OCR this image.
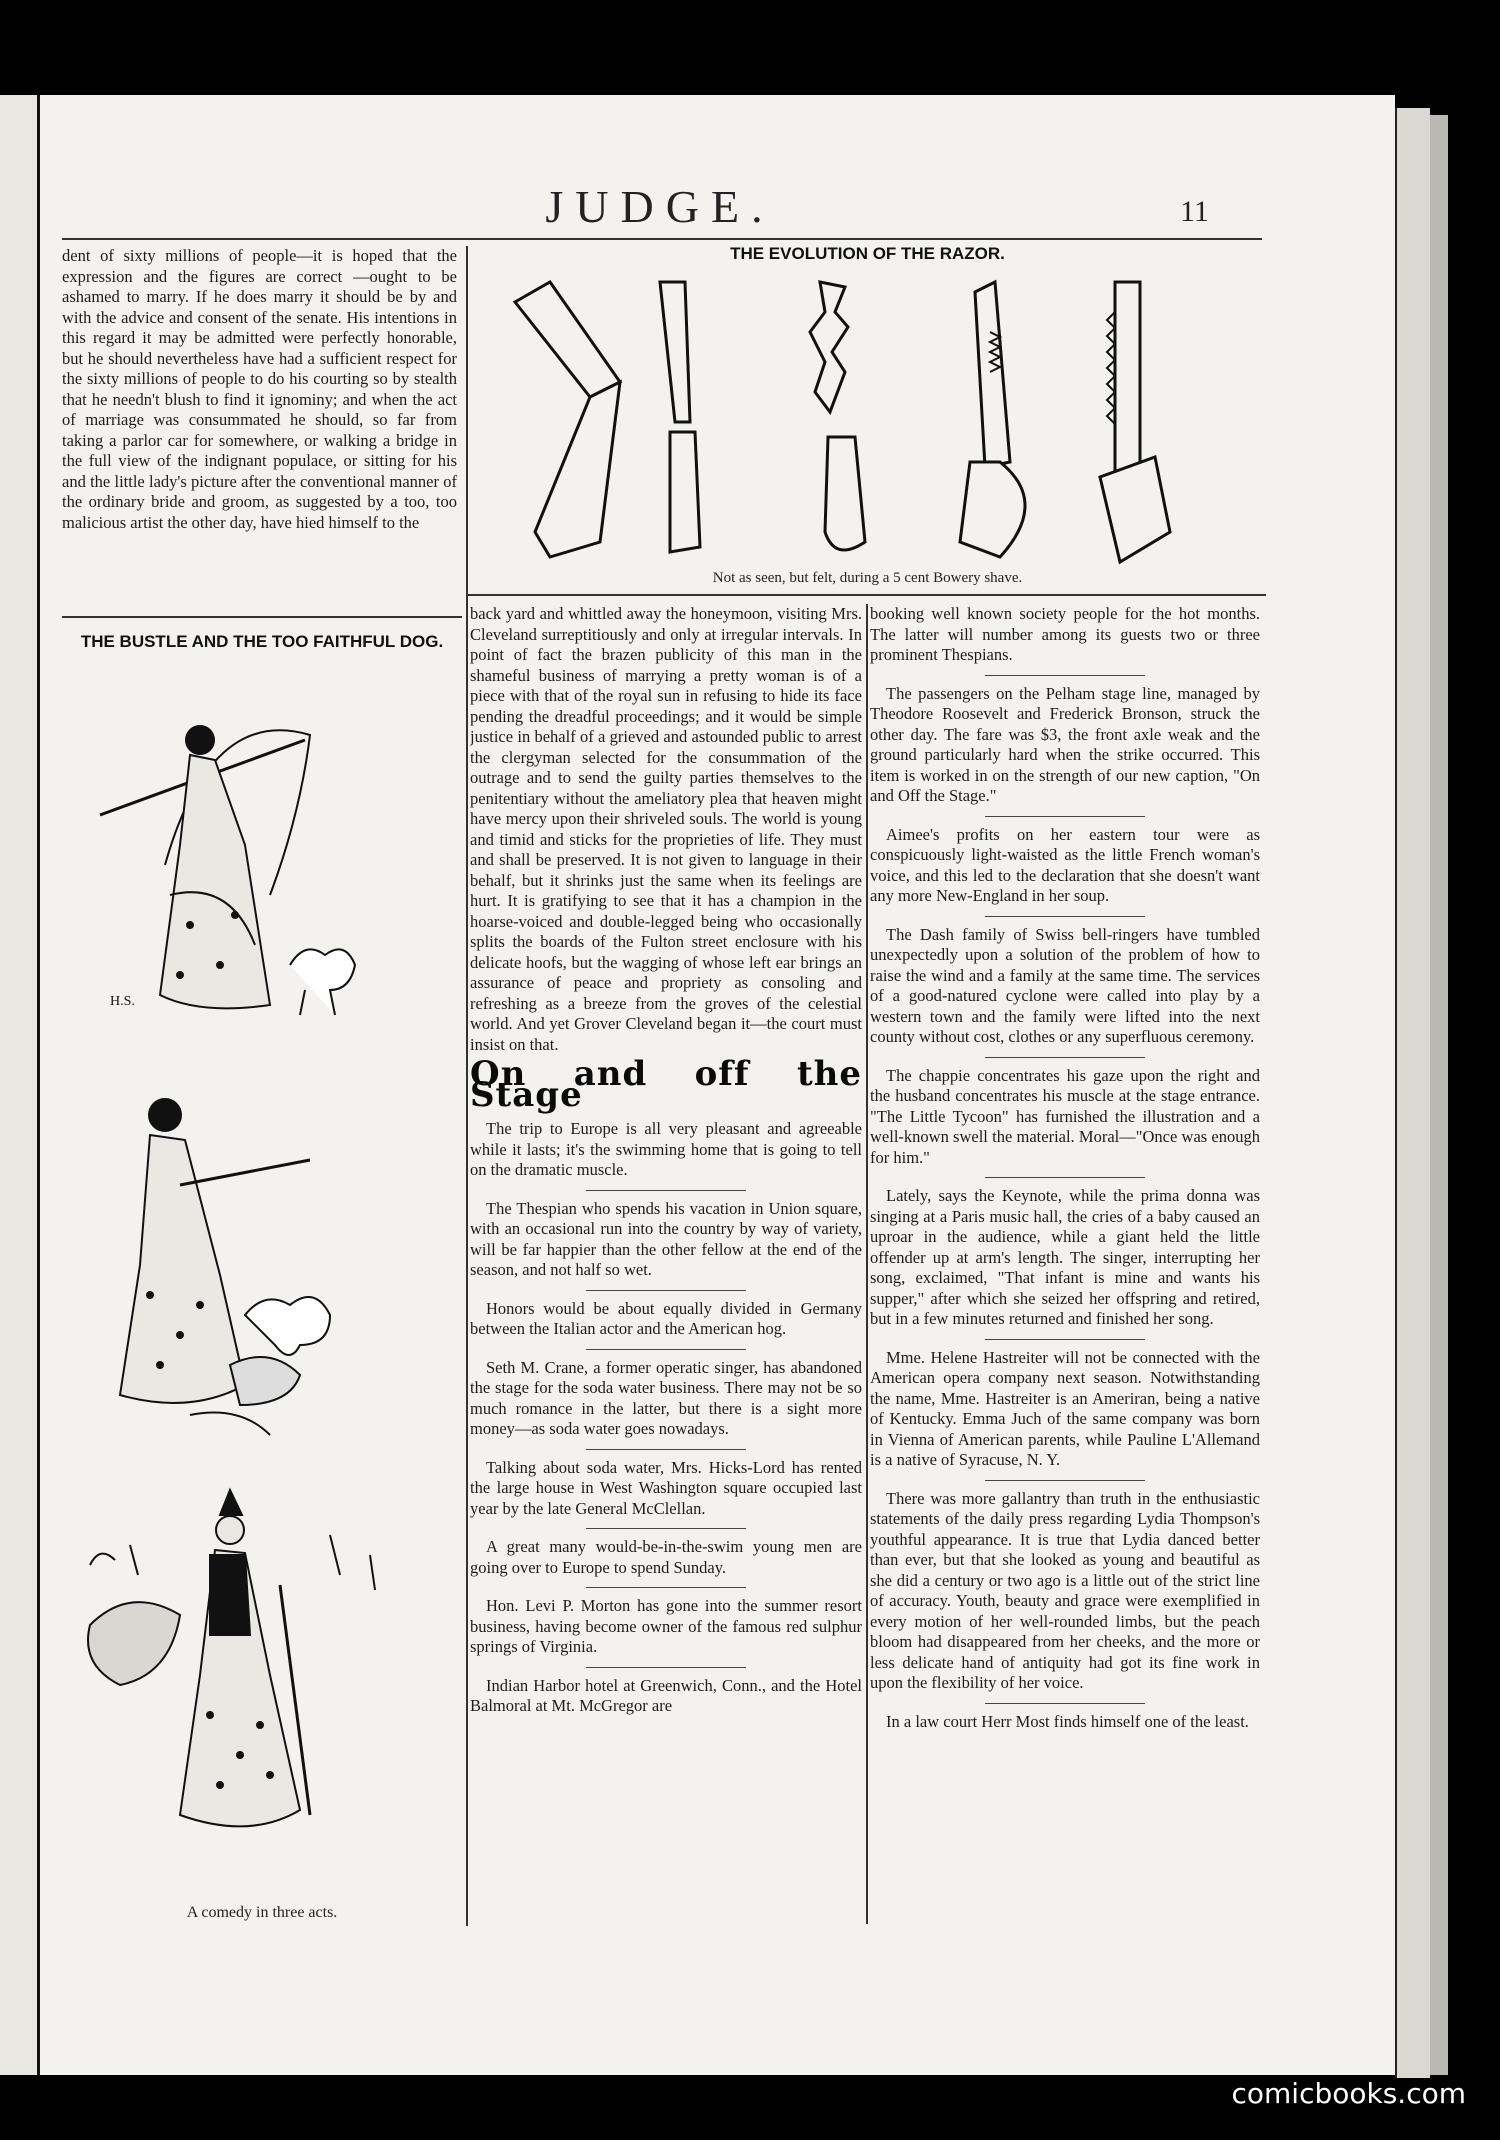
JUDGE.	11

dent of sixty millions of people—it is hoped that the expression and the figures are correct —ought to be ashamed to marry. If he does marry it should be by and with the advice and consent of the senate. His intentions in this regard it may be admitted were perfectly honorable, but he should nevertheless have had a sufficient respect for the sixty millions of people to do his courting so by stealth that he needn't blush to find it ignominy; and when the act of marriage was consummated he should, so far from taking a parlor car for somewhere, or walking a bridge in the full view of the indignant populace, or sitting for his and the little lady's picture after the conventional manner of the ordinary bride and groom, as suggested by a too, too malicious artist the other day, have hied himself to the

THE BUSTLE AND THE TOO FAITHFUL DOG.
H.S.
A comedy in three acts.
THE EVOLUTION OF THE RAZOR.
Not as seen, but felt, during a 5 cent Bowery shave.

back yard and whittled away the honeymoon, visiting Mrs. Cleveland surreptitiously and only at irregular intervals. In point of fact the brazen publicity of this man in the shameful business of marrying a pretty woman is of a piece with that of the royal sun in refusing to hide its face pending the dreadful proceedings; and it would be simple justice in behalf of a grieved and astounded public to arrest the clergyman selected for the consummation of the outrage and to send the guilty parties themselves to the penitentiary without the ameliatory plea that heaven might have mercy upon their shriveled souls. The world is young and timid and sticks for the proprieties of life. They must and shall be preserved. It is not given to language in their behalf, but it shrinks just the same when its feelings are hurt. It is gratifying to see that it has a champion in the hoarse-voiced and double-legged being who occasionally splits the boards of the Fulton street enclosure with his delicate hoofs, but the wagging of whose left ear brings an assurance of peace and propriety as consoling and refreshing as a breeze from the groves of the celestial world. And yet Grover Cleveland began it—the court must insist on that.

On and off the Stage

The trip to Europe is all very pleasant and agreeable while it lasts; it's the swimming home that is going to tell on the dramatic muscle.

The Thespian who spends his vacation in Union square, with an occasional run into the country by way of variety, will be far happier than the other fellow at the end of the season, and not half so wet.

Honors would be about equally divided in Germany between the Italian actor and the American hog.

Seth M. Crane, a former operatic singer, has abandoned the stage for the soda water business. There may not be so much romance in the latter, but there is a sight more money—as soda water goes nowadays.

Talking about soda water, Mrs. Hicks-Lord has rented the large house in West Washington square occupied last year by the late General McClellan.

A great many would-be-in-the-swim young men are going over to Europe to spend Sunday.

Hon. Levi P. Morton has gone into the summer resort business, having become owner of the famous red sulphur springs of Virginia.

Indian Harbor hotel at Greenwich, Conn., and the Hotel Balmoral at Mt. McGregor are

booking well known society people for the hot months. The latter will number among its guests two or three prominent Thespians.

The passengers on the Pelham stage line, managed by Theodore Roosevelt and Frederick Bronson, struck the other day. The fare was $3, the front axle weak and the ground particularly hard when the strike occurred. This item is worked in on the strength of our new caption, "On and Off the Stage."

Aimee's profits on her eastern tour were as conspicuously light-waisted as the little French woman's voice, and this led to the declaration that she doesn't want any more New-England in her soup.

The Dash family of Swiss bell-ringers have tumbled unexpectedly upon a solution of the problem of how to raise the wind and a family at the same time. The services of a good-natured cyclone were called into play by a western town and the family were lifted into the next county without cost, clothes or any superfluous ceremony.

The chappie concentrates his gaze upon the right and the husband concentrates his muscle at the stage entrance. "The Little Tycoon" has furnished the illustration and a well-known swell the material. Moral—"Once was enough for him."

Lately, says the Keynote, while the prima donna was singing at a Paris music hall, the cries of a baby caused an uproar in the audience, while a giant held the little offender up at arm's length. The singer, interrupting her song, exclaimed, "That infant is mine and wants his supper," after which she seized her offspring and retired, but in a few minutes returned and finished her song.

Mme. Helene Hastreiter will not be connected with the American opera company next season. Notwithstanding the name, Mme. Hastreiter is an Ameriran, being a native of Kentucky. Emma Juch of the same company was born in Vienna of American parents, while Pauline L'Allemand is a native of Syracuse, N. Y.

There was more gallantry than truth in the enthusiastic statements of the daily press regarding Lydia Thompson's youthful appearance. It is true that Lydia danced better than ever, but that she looked as young and beautiful as she did a century or two ago is a little out of the strict line of accuracy. Youth, beauty and grace were exemplified in every motion of her well-rounded limbs, but the peach bloom had disappeared from her cheeks, and the more or less delicate hand of antiquity had got its fine work in upon the flexibility of her voice.

In a law court Herr Most finds himself one of the least.

comicbooks.com
